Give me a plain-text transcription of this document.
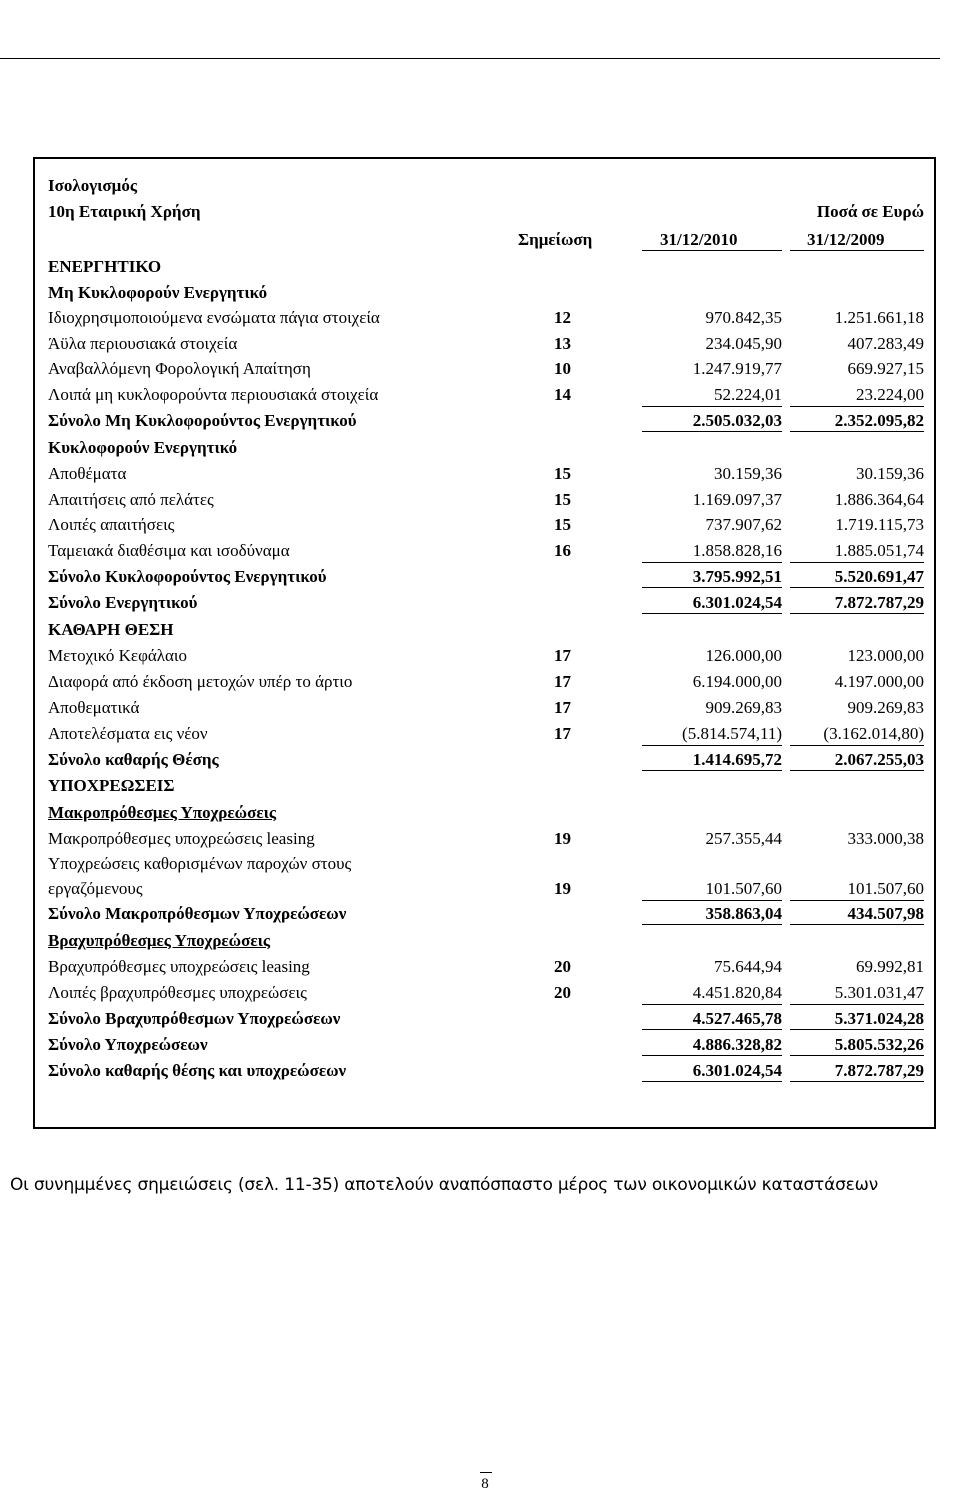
ΑΚΑΡΠΟΡΤ Α.Ε.
ΟΙΚΟΝΟΜΙΚΕΣ ΚΑΤΑΣΤΑΣΕΙΣ
ΤΗΣ $31^{H\Sigma}$ ΔΕΚΕΜΒΡΙΟΥ 2010
Ισολογισμός
10η Εταιρική Χρήση	Ποσά σε Ευρώ
Σημείωση	31/12/2010	31/12/2009
ΕΝΕΡΓΗΤΙΚΟ
Μη Κυκλοφορούν Ενεργητικό
Ιδιοχρησιμοποιούμενα ενσώματα πάγια στοιχεία	12	970.842,35	1.251.661,18
Άϋλα περιουσιακά στοιχεία	13	234.045,90	407.283,49
Αναβαλλόμενη Φορολογική Απαίτηση	10	1.247.919,77	669.927,15
Λοιπά μη κυκλοφορούντα περιουσιακά στοιχεία	14	52.224,01	23.224,00
Σύνολο Μη Κυκλοφορούντος Ενεργητικού	2.505.032,03	2.352.095,82
Κυκλοφορούν Ενεργητικό
Αποθέματα	15	30.159,36	30.159,36
Απαιτήσεις από πελάτες	15	1.169.097,37	1.886.364,64
Λοιπές απαιτήσεις	15	737.907,62	1.719.115,73
Ταμειακά διαθέσιμα και ισοδύναμα	16	1.858.828,16	1.885.051,74
Σύνολο Κυκλοφορούντος Ενεργητικού	3.795.992,51	5.520.691,47
Σύνολο Ενεργητικού	6.301.024,54	7.872.787,29
ΚΑΘΑΡΗ ΘΕΣΗ
Μετοχικό Κεφάλαιο	17	126.000,00	123.000,00
Διαφορά από έκδοση μετοχών υπέρ το άρτιο	17	6.194.000,00	4.197.000,00
Αποθεματικά	17	909.269,83	909.269,83
Αποτελέσματα εις νέον	17	(5.814.574,11)	(3.162.014,80)
Σύνολο καθαρής Θέσης	1.414.695,72	2.067.255,03
ΥΠΟΧΡΕΩΣΕΙΣ
Μακροπρόθεσμες Υποχρεώσεις
Μακροπρόθεσμες υποχρεώσεις leasing	19	257.355,44	333.000,38
Υποχρεώσεις καθορισμένων παροχών στους
εργαζόμενους	19	101.507,60	101.507,60
Σύνολο Μακροπρόθεσμων Υποχρεώσεων	358.863,04	434.507,98
Βραχυπρόθεσμες Υποχρεώσεις
Βραχυπρόθεσμες υποχρεώσεις leasing	20	75.644,94	69.992,81
Λοιπές βραχυπρόθεσμες υποχρεώσεις	20	4.451.820,84	5.301.031,47
Σύνολο Βραχυπρόθεσμων Υποχρεώσεων	4.527.465,78	5.371.024,28
Σύνολο Υποχρεώσεων	4.886.328,82	5.805.532,26
Σύνολο καθαρής θέσης και υποχρεώσεων	6.301.024,54	7.872.787,29
Οι συνημμένες σημειώσεις (σελ. 11-35) αποτελούν αναπόσπαστο μέρος των οικονομικών καταστάσεων
8
